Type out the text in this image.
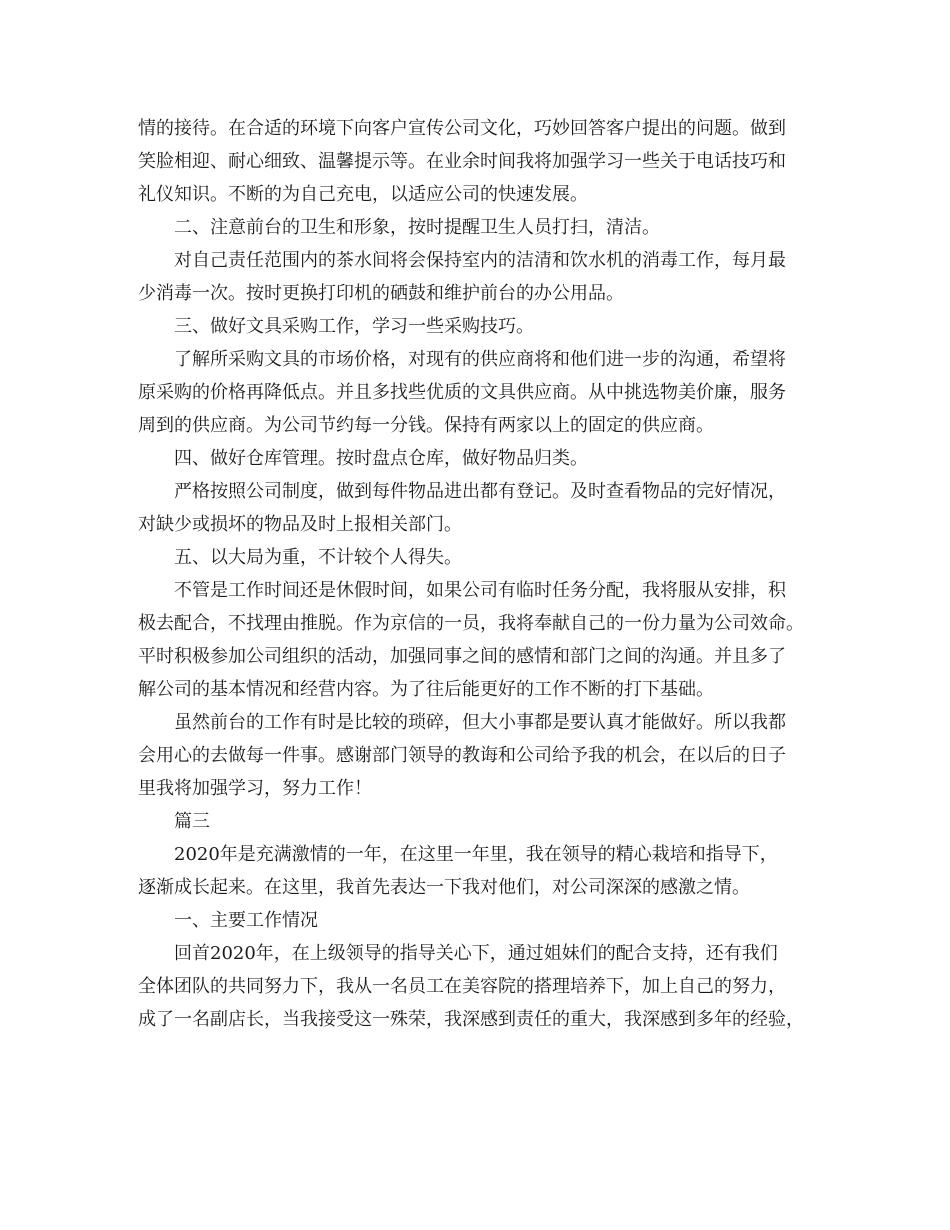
情的接待。在合适的环境下向客户宣传公司文化，巧妙回答客户提出的问题。做到

笑脸相迎、耐心细致、温馨提示等。在业余时间我将加强学习一些关于电话技巧和

礼仪知识。不断的为自己充电，以适应公司的快速发展。

　　二、注意前台的卫生和形象，按时提醒卫生人员打扫，清洁。

　　对自己责任范围内的茶水间将会保持室内的洁清和饮水机的消毒工作，每月最

少消毒一次。按时更换打印机的硒鼓和维护前台的办公用品。

　　三、做好文具采购工作，学习一些采购技巧。

　　了解所采购文具的市场价格，对现有的供应商将和他们进一步的沟通，希望将

原采购的价格再降低点。并且多找些优质的文具供应商。从中挑选物美价廉，服务

周到的供应商。为公司节约每一分钱。保持有两家以上的固定的供应商。

　　四、做好仓库管理。按时盘点仓库，做好物品归类。

　　严格按照公司制度，做到每件物品进出都有登记。及时查看物品的完好情况，

对缺少或损坏的物品及时上报相关部门。

　　五、以大局为重，不计较个人得失。

　　不管是工作时间还是休假时间，如果公司有临时任务分配，我将服从安排，积

极去配合，不找理由推脱。作为京信的一员，我将奉献自己的一份力量为公司效命。

平时积极参加公司组织的活动，加强同事之间的感情和部门之间的沟通。并且多了

解公司的基本情况和经营内容。为了往后能更好的工作不断的打下基础。

　　虽然前台的工作有时是比较的琐碎，但大小事都是要认真才能做好。所以我都

会用心的去做每一件事。感谢部门领导的教诲和公司给予我的机会，在以后的日子

里我将加强学习，努力工作！

　　篇三

　　2020年是充满激情的一年，在这里一年里，我在领导的精心栽培和指导下，

逐渐成长起来。在这里，我首先表达一下我对他们，对公司深深的感激之情。

　　一、主要工作情况

　　回首2020年，在上级领导的指导关心下，通过姐妹们的配合支持，还有我们

全体团队的共同努力下，我从一名员工在美容院的搭理培养下，加上自己的努力，

成了一名副店长，当我接受这一殊荣，我深感到责任的重大，我深感到多年的经验，
